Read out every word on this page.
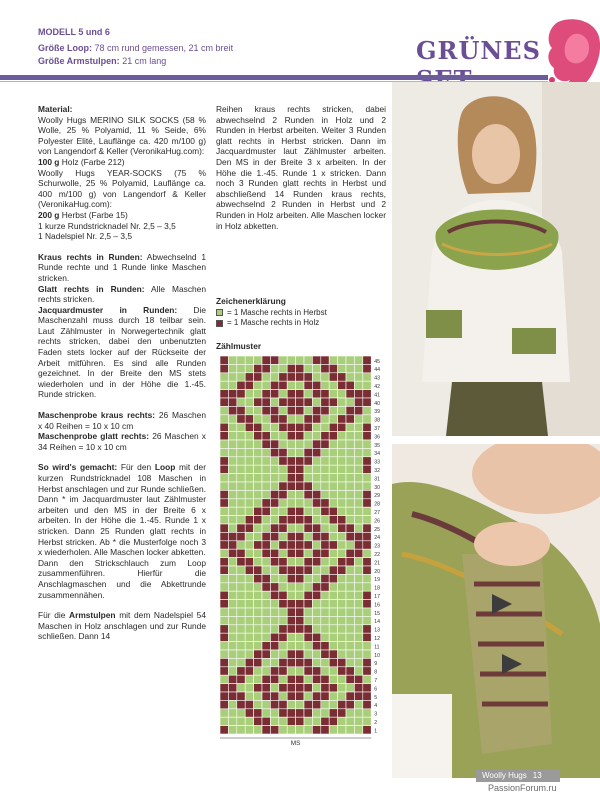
MODELL 5 und 6
Größe Loop: 78 cm rund gemessen, 21 cm breit
Größe Armstulpen: 21 cm lang	GRÜNES

Material:
Woolly Hugs MERINO SILK SOCKS (58 % Wolle, 25 % Polyamid, 11 % Seide, 6% Polyester Elité, Lauflänge ca. 420 m/100 g) von Langendorf & Keller (VeronikaHug.com):
100 g Holz (Farbe 212)
Woolly Hugs YEAR-SOCKS (75 % Schurwolle, 25 % Polyamid, Lauflänge ca. 400 m/100 g) von Langendorf & Keller (VeronikaHug.com):
200 g Herbst (Farbe 15)
1 kurze Rundstricknadel Nr. 2,5 – 3,5
1 Nadelspiel Nr. 2,5 – 3,5

Kraus rechts in Runden: Abwechselnd 1 Runde rechte und 1 Runde linke Maschen stricken.
Glatt rechts in Runden: Alle Maschen rechts stricken.
Jacquardmuster in Runden: Die Maschenzahl muss durch 18 teilbar sein. Laut Zählmuster in Norwegertechnik glatt rechts stricken, dabei den unbenutzten Faden stets locker auf der Rückseite der Arbeit mitführen. Es sind alle Runden gezeichnet. In der Breite den MS stets wiederholen und in der Höhe die 1.-45. Runde stricken.

Maschenprobe kraus rechts: 26 Maschen x 40 Reihen = 10 x 10 cm
Maschenprobe glatt rechts: 26 Maschen x 34 Reihen = 10 x 10 cm

So wird's gemacht: Für den Loop mit der kurzen Rundstricknadel 108 Maschen in Herbst anschlagen und zur Runde schließen. Dann * im Jacquardmuster laut Zählmuster arbeiten und den MS in der Breite 6 x arbeiten. In der Höhe die 1.-45. Runde 1 x stricken. Dann 25 Runden glatt rechts in Herbst stricken. Ab * die Musterfolge noch 3 x wiederholen. Alle Maschen locker abketten.
Dann den Strickschlauch zum Loop zusammenführen. Hierfür die Anschlagmaschen und die Abkettrunde zusammennähen.

Für die Armstulpen mit dem Nadelspiel 54 Maschen in Holz anschlagen und zur Runde schließen. Dann 14

Reihen kraus rechts stricken, dabei abwechselnd 2 Runden in Holz und 2 Runden in Herbst arbeiten. Weiter 3 Runden glatt rechts in Herbst stricken. Dann im Jacquardmuster laut Zählmuster arbeiten. Den MS in der Breite 3 x arbeiten. In der Höhe die 1.-45. Runde 1 x stricken. Dann noch 3 Runden glatt rechts in Herbst und abschließend 14 Runden kraus rechts, abwechselnd 2 Runden in Herbst und 2 Runden in Holz arbeiten. Alle Maschen locker in Holz abketten.

Zeichenerklärung
= 1 Masche rechts in Herbst
= 1 Masche rechts in Holz
Zählmuster
1
2
3
4
5
6
7
8
9
10
11
12
13
14
15
16
17
18
19
20
21
22
23
24
25
26
27
28
29
30
31
32
33
34
35
36
37
38
39
40
41
42
43
44
45
MS
Woolly Hugs 13
PassionForum.ru
